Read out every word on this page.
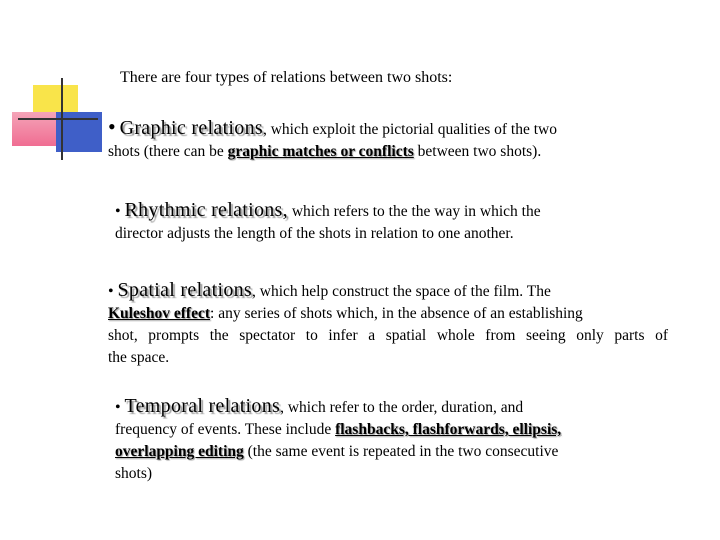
There are four types of relations between two shots:
• Graphic relations, which exploit the pictorial qualities of the two
shots (there can be graphic matches or conflicts between two shots).
• Rhythmic relations, which refers to the the way in which the
director adjusts the length of the shots in relation to one another.
• Spatial relations, which help construct the space of the film. The
Kuleshov effect: any series of shots which, in the absence of an establishing
shot, prompts the spectator to infer a spatial whole from seeing only parts of
the space.
• Temporal relations, which refer to the order, duration, and
frequency of events. These include flashbacks, flashforwards, ellipsis,
overlapping editing (the same event is repeated in the two consecutive
shots)
